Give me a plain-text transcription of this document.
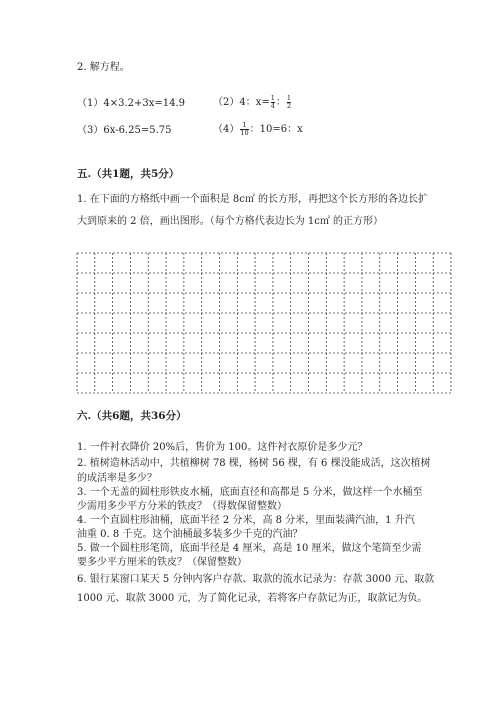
2. 解方程。
（1）4×3.2+3x=14.9	（2）4：$x= \frac{1}{4}$ ： $\frac{1}{2}$
（3）6x-6.25=5.75	$(4) \frac{1}{10}$ ：10=6：x
五.（共1题，共5分）
1. 在下面的方格纸中画一个面积是 8c㎡ 的长方形，再把这个长方形的各边长扩
大到原来的 2 倍，画出图形。（每个方格代表边长为 1c㎡ 的正方形）
六.（共6题，共36分）
1. 一件衬衣降价 20%后，售价为 100。这件衬衣原价是多少元？
2. 植树造林活动中，共植柳树 78 棵，杨树 56 棵，有 6 棵没能成活，这次植树
的成活率是多少？
3. 一个无盖的圆柱形铁皮水桶，底面直径和高都是 5 分米，做这样一个水桶至
少需用多少平方分米的铁皮？（得数保留整数）
4. 一个直圆柱形油桶，底面半径 2 分米，高 8 分米，里面装满汽油，1 升汽
油重 0. 8 千克。这个油桶最多装多少千克的汽油？
5. 做一个圆柱形笔筒，底面半径是 4 厘米，高是 10 厘米，做这个笔筒至少需
要多少平方厘米的铁皮？（保留整数）
6. 银行某窗口某天 5 分钟内客户存款、取款的流水记录为：存款 3000 元、取款
1000 元、取款 3000 元，为了简化记录，若将客户存款记为正，取款记为负。
